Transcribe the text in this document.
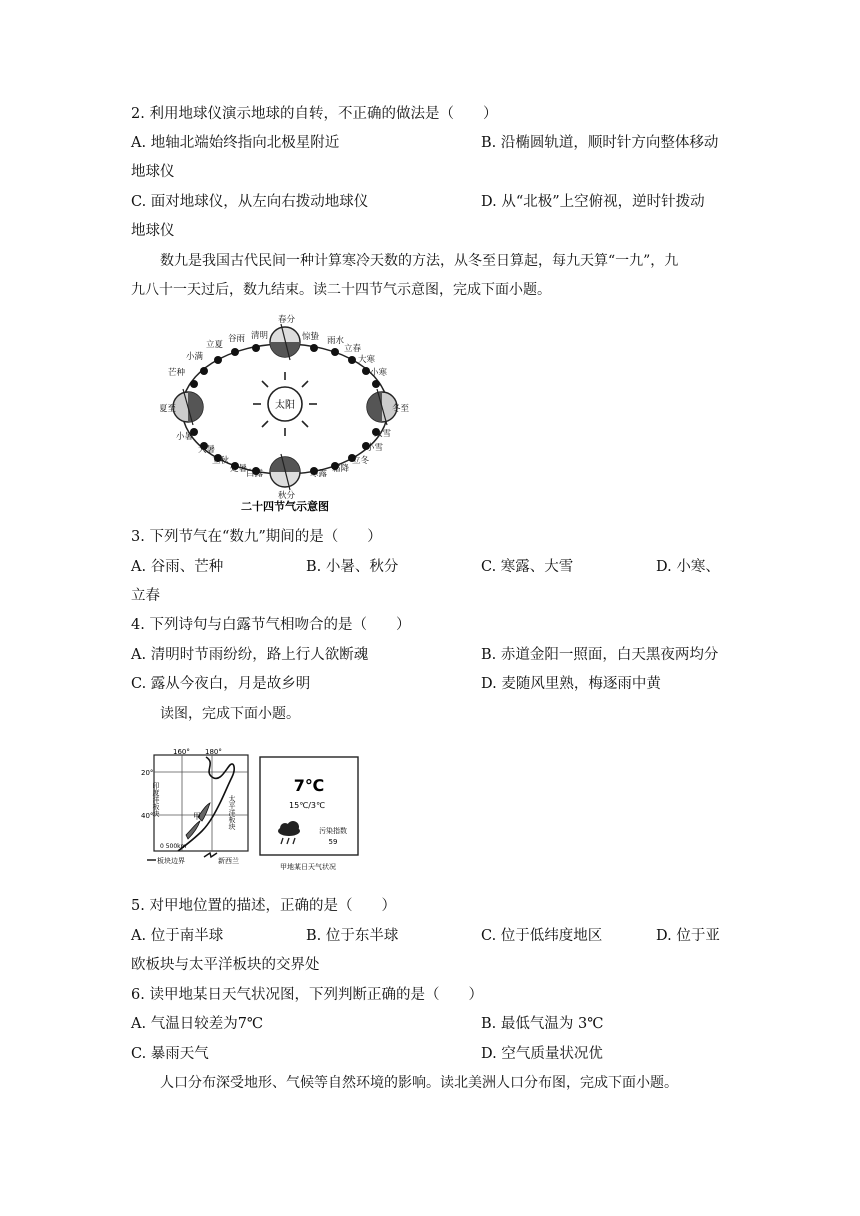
2. 利用地球仪演示地球的自转，不正确的做法是（　　）
A. 地轴北端始终指向北极星附近	B. 沿椭圆轨道，顺时针方向整体移动
地球仪
C. 面对地球仪，从左向右拨动地球仪	D. 从“北极”上空俯视，逆时针拨动
地球仪
数九是我国古代民间一种计算寒冷天数的方法，从冬至日算起，每九天算“一九”，九
九八十一天过后，数九结束。读二十四节气示意图，完成下面小题。
太阳
春分
惊蛰 雨水
立春
大寒
小寒
冬至
大雪
小雪
立冬
霜降
寒露
秋分
白露
处暑
立秋
大暑
小暑
夏至
芒种
小满
立夏
谷雨 清明
二十四节气示意图
3. 下列节气在“数九”期间的是（　　）
A. 谷雨、芒种	B. 小暑、秋分	C. 寒露、大雪	D. 小寒、
立春
4. 下列诗句与白露节气相吻合的是（　　）
A. 清明时节雨纷纷，路上行人欲断魂	B. 赤道金阳一照面，白天黑夜两均分
C. 露从今夜白，月是故乡明	D. 麦随风里熟，梅逐雨中黄
读图，完成下面小题。
160° 180°
20°
40°
印度洋板块	太平洋板块
甲
0 500km
板块边界	新西兰
7℃
15℃/3℃
污染指数
59
甲地某日天气状况
5. 对甲地位置的描述，正确的是（　　）
A. 位于南半球	B. 位于东半球	C. 位于低纬度地区	D. 位于亚
欧板块与太平洋板块的交界处
6. 读甲地某日天气状况图，下列判断正确的是（　　）
A. 气温日较差为7℃	B. 最低气温为 3℃
C. 暴雨天气	D. 空气质量状况优
人口分布深受地形、气候等自然环境的影响。读北美洲人口分布图，完成下面小题。
